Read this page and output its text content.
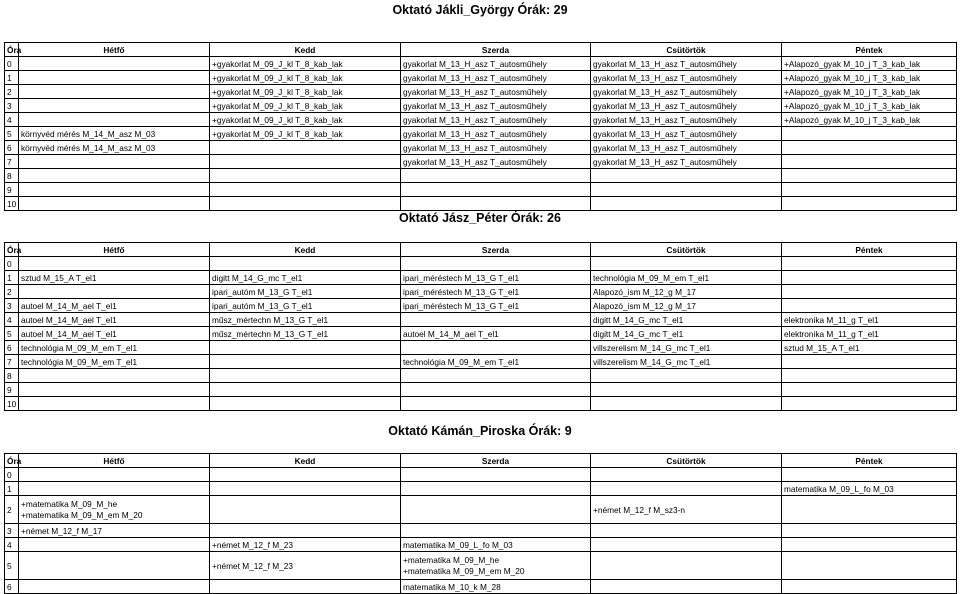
Oktató Jákli_György Órák: 29
Óra	Hétfő	Kedd	Szerda	Csütörtök	Péntek
0		+gyakorlat M_09_J_kl T_8_kab_lak	gyakorlat M_13_H_asz T_autosműhely	gyakorlat M_13_H_asz T_autosműhely	+Alapozó_gyak M_10_j T_3_kab_lak
1		+gyakorlat M_09_J_kl T_8_kab_lak	gyakorlat M_13_H_asz T_autosműhely	gyakorlat M_13_H_asz T_autosműhely	+Alapozó_gyak M_10_j T_3_kab_lak
2		+gyakorlat M_09_J_kl T_8_kab_lak	gyakorlat M_13_H_asz T_autosműhely	gyakorlat M_13_H_asz T_autosműhely	+Alapozó_gyak M_10_j T_3_kab_lak
3		+gyakorlat M_09_J_kl T_8_kab_lak	gyakorlat M_13_H_asz T_autosműhely	gyakorlat M_13_H_asz T_autosműhely	+Alapozó_gyak M_10_j T_3_kab_lak
4		+gyakorlat M_09_J_kl T_8_kab_lak	gyakorlat M_13_H_asz T_autosműhely	gyakorlat M_13_H_asz T_autosműhely	+Alapozó_gyak M_10_j T_3_kab_lak
5	környvéd mérés M_14_M_asz M_03	+gyakorlat M_09_J_kl T_8_kab_lak	gyakorlat M_13_H_asz T_autosműhely	gyakorlat M_13_H_asz T_autosműhely	
6	környvéd mérés M_14_M_asz M_03		gyakorlat M_13_H_asz T_autosműhely	gyakorlat M_13_H_asz T_autosműhely	
7			gyakorlat M_13_H_asz T_autosműhely	gyakorlat M_13_H_asz T_autosműhely	
8					
9					
10					
Oktató Jász_Péter Órák: 26
Óra	Hétfő	Kedd	Szerda	Csütörtök	Péntek
0					
1	sztud M_15_A T_el1	digitt M_14_G_mc T_el1	ipari_méréstech M_13_G T_el1	technológia M_09_M_em T_el1	
2		ipari_autóm M_13_G T_el1	ipari_méréstech M_13_G T_el1	Alapozó_ism M_12_g M_17	
3	autoel M_14_M_ael T_el1	ipari_autóm M_13_G T_el1	ipari_méréstech M_13_G T_el1	Alapozó_ism M_12_g M_17	
4	autoel M_14_M_ael T_el1	műsz_mértechn M_13_G T_el1		digitt M_14_G_mc T_el1	elektronika M_11_g T_el1
5	autoel M_14_M_ael T_el1	műsz_mértechn M_13_G T_el1	autoel M_14_M_ael T_el1	digitt M_14_G_mc T_el1	elektronika M_11_g T_el1
6	technológia M_09_M_em T_el1			villszerelism M_14_G_mc T_el1	sztud M_15_A T_el1
7	technológia M_09_M_em T_el1		technológia M_09_M_em T_el1	villszerelism M_14_G_mc T_el1	
8					
9					
10					
Oktató Kámán_Piroska Órák: 9
Óra	Hétfő	Kedd	Szerda	Csütörtök	Péntek
0					
1					matematika M_09_L_fo M_03
2	+matematika M_09_M_he
+matematika M_09_M_em M_20			+német M_12_f M_sz3-n	
3	+német M_12_f M_17				
4		+német M_12_f M_23	matematika M_09_L_fo M_03		
5		+német M_12_f M_23	+matematika M_09_M_he
+matematika M_09_M_em M_20		
6			matematika M_10_k M_28		
